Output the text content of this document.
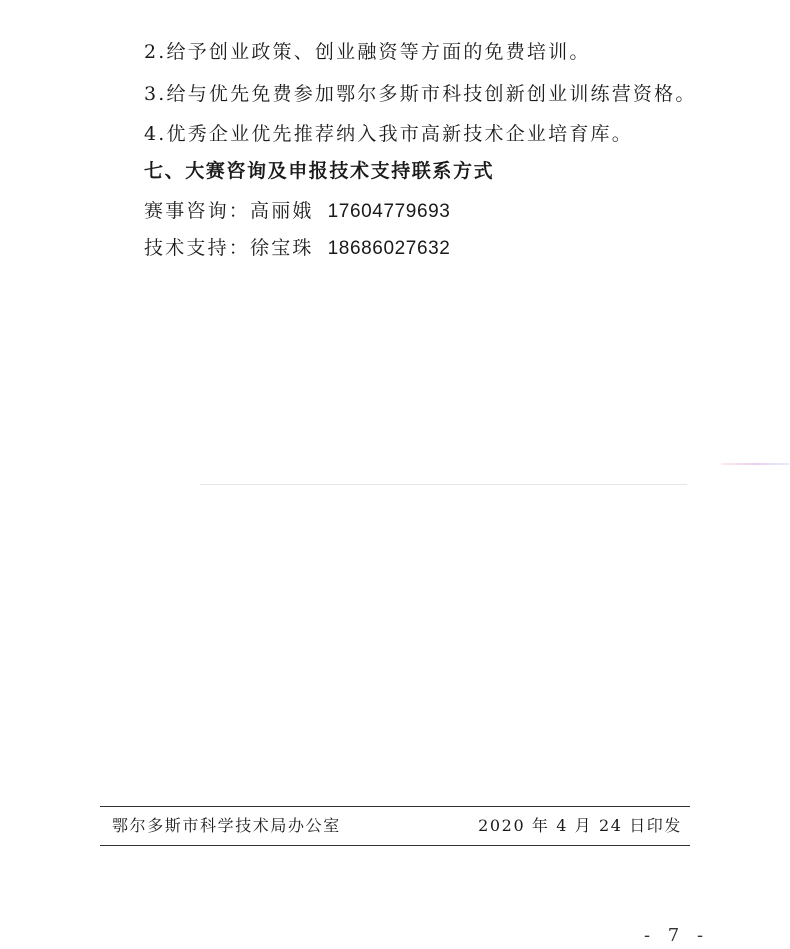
2.给予创业政策、创业融资等方面的免费培训。
3.给与优先免费参加鄂尔多斯市科技创新创业训练营资格。
4.优秀企业优先推荐纳入我市高新技术企业培育库。
七、大赛咨询及申报技术支持联系方式
赛事咨询：高丽娥 17604779693
技术支持：徐宝珠 18686027632
鄂尔多斯市科学技术局办公室	2020 年 4 月 24 日印发
- 7 -
